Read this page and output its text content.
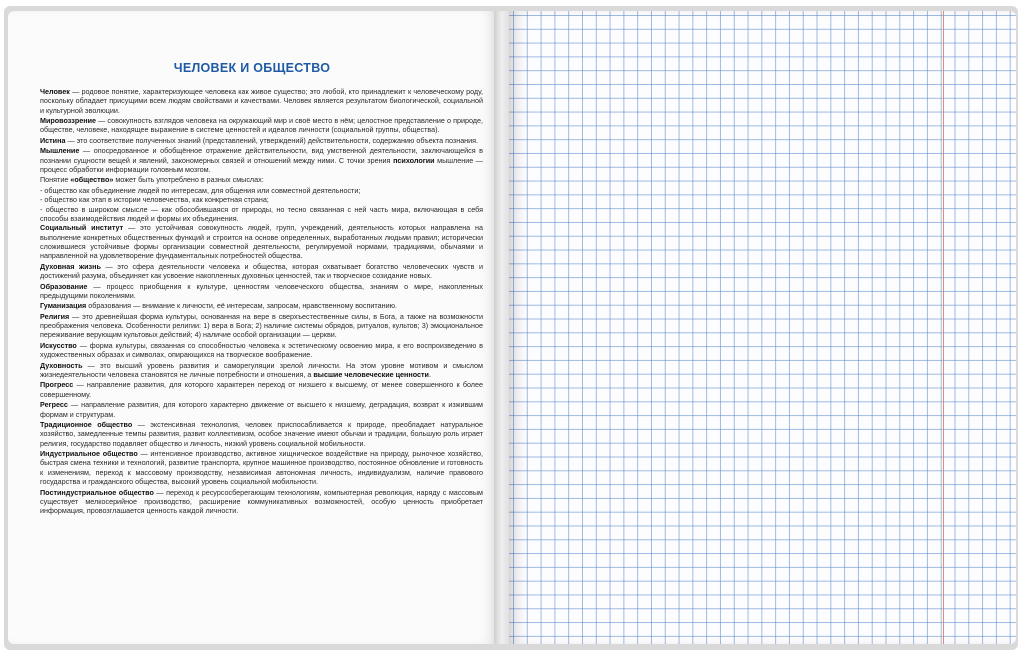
ЧЕЛОВЕК И ОБЩЕСТВО
Человек — родовое понятие, характеризующее человека как живое существо; это любой, кто принадлежит к человеческому роду, поскольку обладает присущими всем людям свойствами и качествами. Человек является результатом биологической, социальной и культурной эволюции.
Мировоззрение — совокупность взглядов человека на окружающий мир и своё место в нём; целостное представление о природе, обществе, человеке, находящее выражение в системе ценностей и идеалов личности (социальной группы, общества).
Истина — это соответствие полученных знаний (представлений, утверждений) действительности, содержанию объекта познания.
Мышление — опосредованное и обобщённое отражение действительности, вид умственной деятельности, заключающейся в познании сущности вещей и явлений, закономерных связей и отношений между ними. С точки зрения психологии мышление — процесс обработки информации головным мозгом.
Понятие «общество» может быть употреблено в разных смыслах:
- общество как объединение людей по интересам, для общения или совместной деятельности;
- общество как этап в истории человечества, как конкретная страна;
- общество в широком смысле — как обособившаяся от природы, но тесно связанная с ней часть мира, включающая в себя способы взаимодействия людей и формы их объединения.
Социальный институт — это устойчивая совокупность людей, групп, учреждений, деятельность которых направлена на выполнение конкретных общественных функций и строится на основе определенных, выработанных людьми правил; исторически сложившиеся устойчивые формы организации совместной деятельности, регулируемой нормами, традициями, обычаями и направленной на удовлетворение фундаментальных потребностей общества.
Духовная жизнь — это сфера деятельности человека и общества, которая охватывает богатство человеческих чувств и достижений разума, объединяет как усвоение накопленных духовных ценностей, так и творческое созидание новых.
Образование — процесс приобщения к культуре, ценностям человеческого общества, знаниям о мире, накопленных предыдущими поколениями.
Гуманизация образования — внимание к личности, её интересам, запросам, нравственному воспитанию.
Религия — это древнейшая форма культуры, основанная на вере в сверхъестественные силы, в Бога, а также на возможности преображения человека. Особенности религии: 1) вера в Бога; 2) наличие системы обрядов, ритуалов, культов; 3) эмоциональное переживание верующим культовых действий; 4) наличие особой организации — церкви.
Искусство — форма культуры, связанная со способностью человека к эстетическому освоению мира, к его воспроизведению в художественных образах и символах, опирающихся на творческое воображение.
Духовность — это высший уровень развития и саморегуляции зрелой личности. На этом уровне мотивом и смыслом жизнедеятельности человека становятся не личные потребности и отношения, а высшие человеческие ценности.
Прогресс — направление развития, для которого характерен переход от низшего к высшему, от менее совершенного к более совершенному.
Регресс — направление развития, для которого характерно движение от высшего к низшему, деградация, возврат к изжившим формам и структурам.
Традиционное общество — экстенсивная технология, человек приспосабливается к природе, преобладает натуральное хозяйство, замедленные темпы развития, развит коллективизм, особое значение имеют обычаи и традиции, большую роль играет религия, государство подавляет общество и личность, низкий уровень социальной мобильности.
Индустриальное общество — интенсивное производство, активное хищническое воздействие на природу, рыночное хозяйство, быстрая смена техники и технологий, развитие транспорта, крупное машинное производство, постоянное обновление и готовность к изменениям, переход к массовому производству, независимая автономная личность, индивидуализм, наличие правового государства и гражданского общества, высокий уровень социальной мобильности.
Постиндустриальное общество — переход к ресурсосберегающим технологиям, компьютерная революция, наряду с массовым существует мелкосерийное производство, расширение коммуникативных возможностей, особую ценность приобретает информация, провозглашается ценность каждой личности.
